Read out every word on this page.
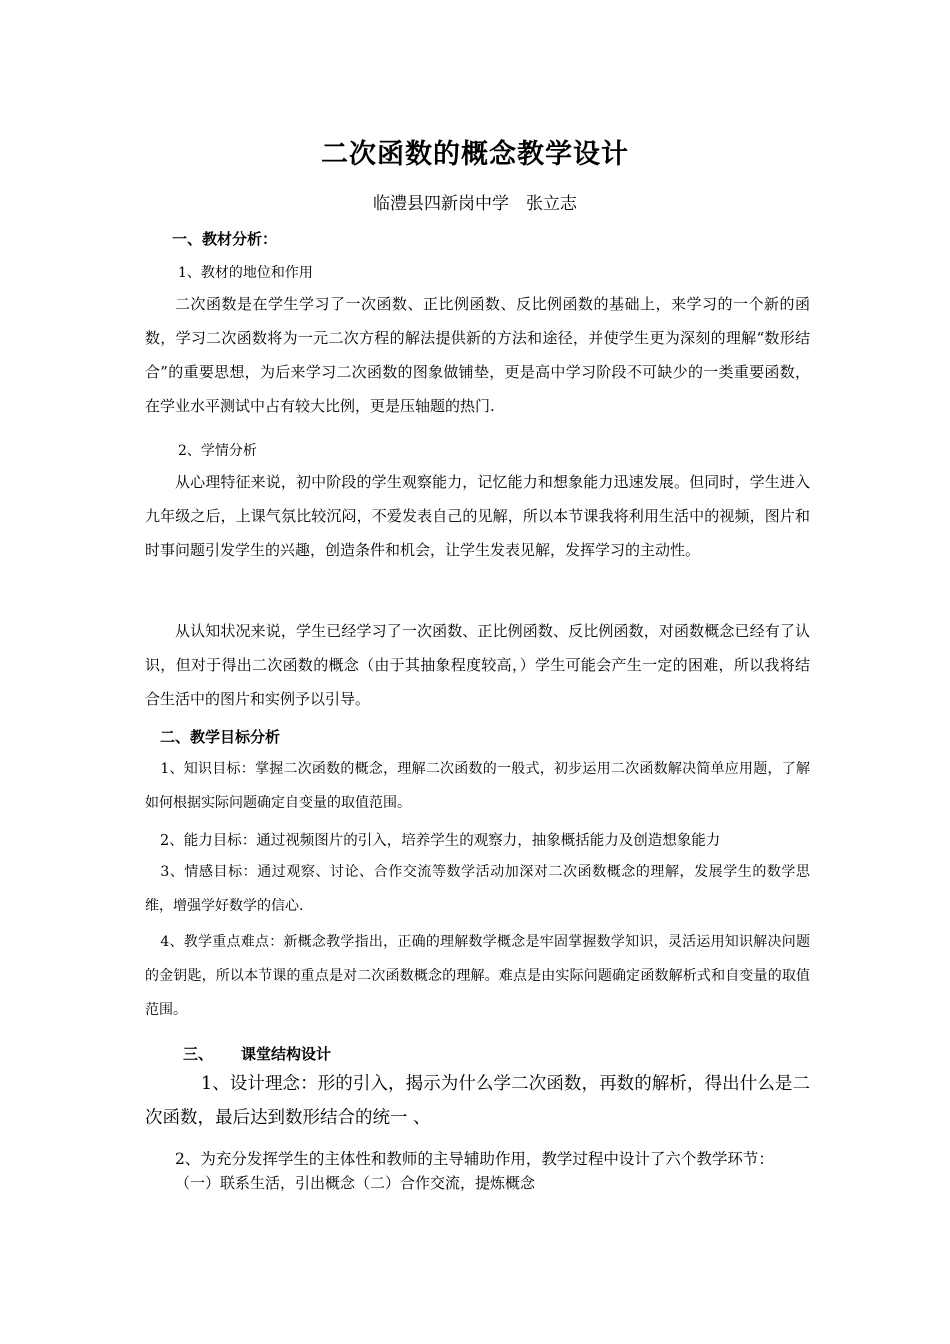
二次函数的概念教学设计
临澧县四新岗中学　张立志
一、教材分析：
1、教材的地位和作用
二次函数是在学生学习了一次函数、正比例函数、反比例函数的基础上，来学习的一个新的函数，学习二次函数将为一元二次方程的解法提供新的方法和途径，并使学生更为深刻的理解“数形结合”的重要思想，为后来学习二次函数的图象做铺垫，更是高中学习阶段不可缺少的一类重要函数，在学业水平测试中占有较大比例，更是压轴题的热门.
2、学情分析
从心理特征来说，初中阶段的学生观察能力，记忆能力和想象能力迅速发展。但同时，学生进入九年级之后，上课气氛比较沉闷，不爱发表自己的见解，所以本节课我将利用生活中的视频，图片和时事问题引发学生的兴趣，创造条件和机会，让学生发表见解，发挥学习的主动性。
从认知状况来说，学生已经学习了一次函数、正比例函数、反比例函数，对函数概念已经有了认识，但对于得出二次函数的概念（由于其抽象程度较高，）学生可能会产生一定的困难，所以我将结合生活中的图片和实例予以引导。
二、教学目标分析
1、知识目标：掌握二次函数的概念，理解二次函数的一般式，初步运用二次函数解决简单应用题，了解如何根据实际问题确定自变量的取值范围。
2、能力目标：通过视频图片的引入，培养学生的观察力，抽象概括能力及创造想象能力
3、情感目标：通过观察、讨论、合作交流等数学活动加深对二次函数概念的理解，发展学生的数学思维，增强学好数学的信心.
4、教学重点难点：新概念教学指出，正确的理解数学概念是牢固掌握数学知识，灵活运用知识解决问题的金钥匙，所以本节课的重点是对二次函数概念的理解。难点是由实际问题确定函数解析式和自变量的取值范围。
三、 课堂结构设计
1、设计理念：形的引入，揭示为什么学二次函数，再数的解析，得出什么是二次函数，最后达到数形结合的统一 、
2、为充分发挥学生的主体性和教师的主导辅助作用，教学过程中设计了六个教学环节：
（一）联系生活，引出概念（二）合作交流，提炼概念
